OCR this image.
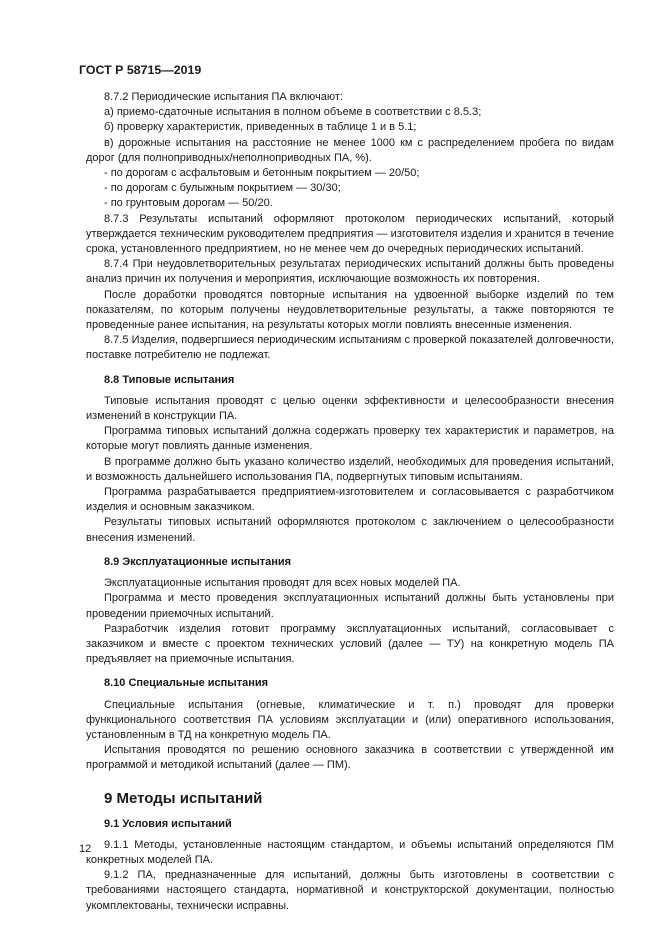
ГОСТ Р 58715—2019

8.7.2 Периодические испытания ПА включают:

а) приемо-сдаточные испытания в полном объеме в соответствии с 8.5.3;

б) проверку характеристик, приведенных в таблице 1 и в 5.1;

в) дорожные испытания на расстояние не менее 1000 км с распределением пробега по видам дорог (для полноприводных/неполноприводных ПА, %).

- по дорогам с асфальтовым и бетонным покрытием — 20/50;

- по дорогам с булыжным покрытием — 30/30;

- по грунтовым дорогам — 50/20.

8.7.3 Результаты испытаний оформляют протоколом периодических испытаний, который утверждается техническим руководителем предприятия — изготовителя изделия и хранится в течение срока, установленного предприятием, но не менее чем до очередных периодических испытаний.

8.7.4 При неудовлетворительных результатах периодических испытаний должны быть проведены анализ причин их получения и мероприятия, исключающие возможность их повторения.

После доработки проводятся повторные испытания на удвоенной выборке изделий по тем показателям, по которым получены неудовлетворительные результаты, а также повторяются те проведенные ранее испытания, на результаты которых могли повлиять внесенные изменения.

8.7.5 Изделия, подвергшиеся периодическим испытаниям с проверкой показателей долговечности, поставке потребителю не подлежат.

8.8 Типовые испытания

Типовые испытания проводят с целью оценки эффективности и целесообразности внесения изменений в конструкции ПА.

Программа типовых испытаний должна содержать проверку тех характеристик и параметров, на которые могут повлиять данные изменения.

В программе должно быть указано количество изделий, необходимых для проведения испытаний, и возможность дальнейшего использования ПА, подвергнутых типовым испытаниям.

Программа разрабатывается предприятием-изготовителем и согласовывается с разработчиком изделия и основным заказчиком.

Результаты типовых испытаний оформляются протоколом с заключением о целесообразности внесения изменений.

8.9 Эксплуатационные испытания

Эксплуатационные испытания проводят для всех новых моделей ПА.

Программа и место проведения эксплуатационных испытаний должны быть установлены при проведении приемочных испытаний.

Разработчик изделия готовит программу эксплуатационных испытаний, согласовывает с заказчиком и вместе с проектом технических условий (далее — ТУ) на конкретную модель ПА предъявляет на приемочные испытания.

8.10 Специальные испытания

Специальные испытания (огневые, климатические и т. п.) проводят для проверки функционального соответствия ПА условиям эксплуатации и (или) оперативного использования, установленным в ТД на конкретную модель ПА.

Испытания проводятся по решению основного заказчика в соответствии с утвержденной им программой и методикой испытаний (далее — ПМ).

9 Методы испытаний
9.1 Условия испытаний

9.1.1 Методы, установленные настоящим стандартом, и объемы испытаний определяются ПМ конкретных моделей ПА.

9.1.2 ПА, предназначенные для испытаний, должны быть изготовлены в соответствии с требованиями настоящего стандарта, нормативной и конструкторской документации, полностью укомплектованы, технически исправны.

12
